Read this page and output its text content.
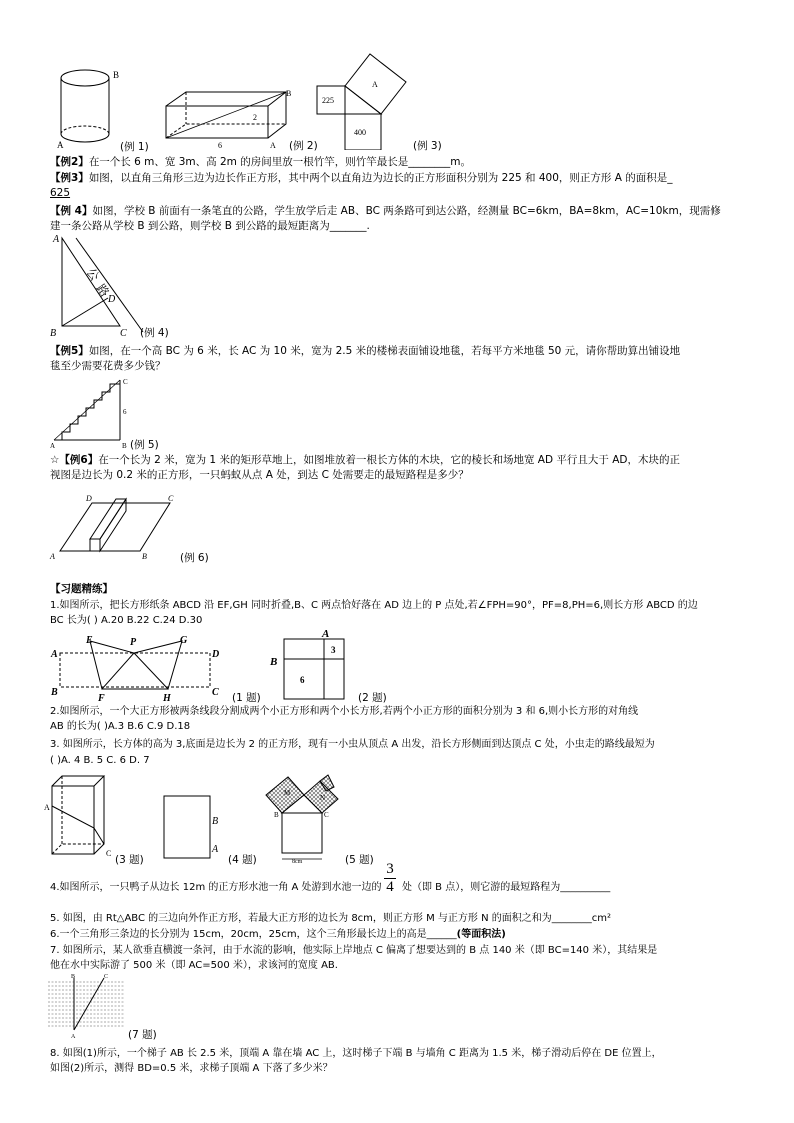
B
A	(例 1)
B
6
2
A (例 2)
A
225
400
(例 3)
【例2】在一个长 6 m、宽 3m、高 2m 的房间里放一根竹竿，则竹竿最长是________m。
【例3】如图，以直角三角形三边为边长作正方形，其中两个以直角边为边长的正方形面积分别为 225 和 400，则正方形 A 的面积是_
625
【例 4】如图，学校 B 前面有一条笔直的公路，学生放学后走 AB、BC 两条路可到达公路，经测量 BC=6km，BA=8km，AC=10km，现需修
建一条公路从学校 B 到公路，则学校 B 到公路的最短距离为_______.
A
B	C
D
公
路
(例 4)
【例5】如图，在一个高 BC 为 6 米，长 AC 为 10 米，宽为 2.5 米的楼梯表面铺设地毯，若每平方米地毯 50 元，请你帮助算出铺设地
毯至少需要花费多少钱？
C
6
A	B (例 5)
☆【例6】在一个长为 2 米，宽为 1 米的矩形草地上，如图堆放着一根长方体的木块，它的棱长和场地宽 AD 平行且大于 AD，木块的正
视图是边长为 0.2 米的正方形，一只蚂蚁从点 A 处，到达 C 处需要走的最短路程是多少？
D	C
A	B	(例 6)
【习题精练】
1.如图所示，把长方形纸条 ABCD 沿 EF,GH 同时折叠,B、C 两点恰好落在 AD 边上的 P 点处,若∠FPH=90°，PF=8,PH=6,则长方形 ABCD 的边
BC 长为( ) A.20 B.22 C.24 D.30
A
E	P	G
D
B
F	H
C (1 题)
A
B
3
6
(2 题)
2.如图所示，一个大正方形被两条线段分割成两个小正方形和两个小长方形,若两个小正方形的面积分别为 3 和 6,则小长方形的对角线
AB 的长为( )A.3 B.6 C.9 D.18
3. 如图所示，长方体的高为 3,底面是边长为 2 的正方形，现有一小虫从顶点 A 出发，沿长方形侧面到达顶点 C 处，小虫走的路线最短为
( )A. 4 B. 5 C. 6 D. 7
A
C
(3 题)
B
A
(4 题)
M
N
B	C
8cm	(5 题)
4.如图所示，一只鸭子从边长 12m 的正方形水池一角 A 处游到水池一边的
3
4 处（即 B 点），则它游的最短路程为__________
5. 如图，由 Rt△ABC 的三边向外作正方形，若最大正方形的边长为 8cm，则正方形 M 与正方形 N 的面积之和为________cm²
6.一个三角形三条边的长分别为 15cm，20cm，25cm，这个三角形最长边上的高是______(等面积法)
7. 如图所示，某人欲垂直横渡一条河，由于水流的影响，他实际上岸地点 C 偏离了想要达到的 B 点 140 米（即 BC=140 米），其结果是
他在水中实际游了 500 米（即 AC=500 米），求该河的宽度 AB.
B	C
A	(7 题)
8. 如图(1)所示，一个梯子 AB 长 2.5 米，顶端 A 靠在墙 AC 上，这时梯子下端 B 与墙角 C 距离为 1.5 米，梯子滑动后停在 DE 位置上，
如图(2)所示，测得 BD=0.5 米，求梯子顶端 A 下落了多少米？
